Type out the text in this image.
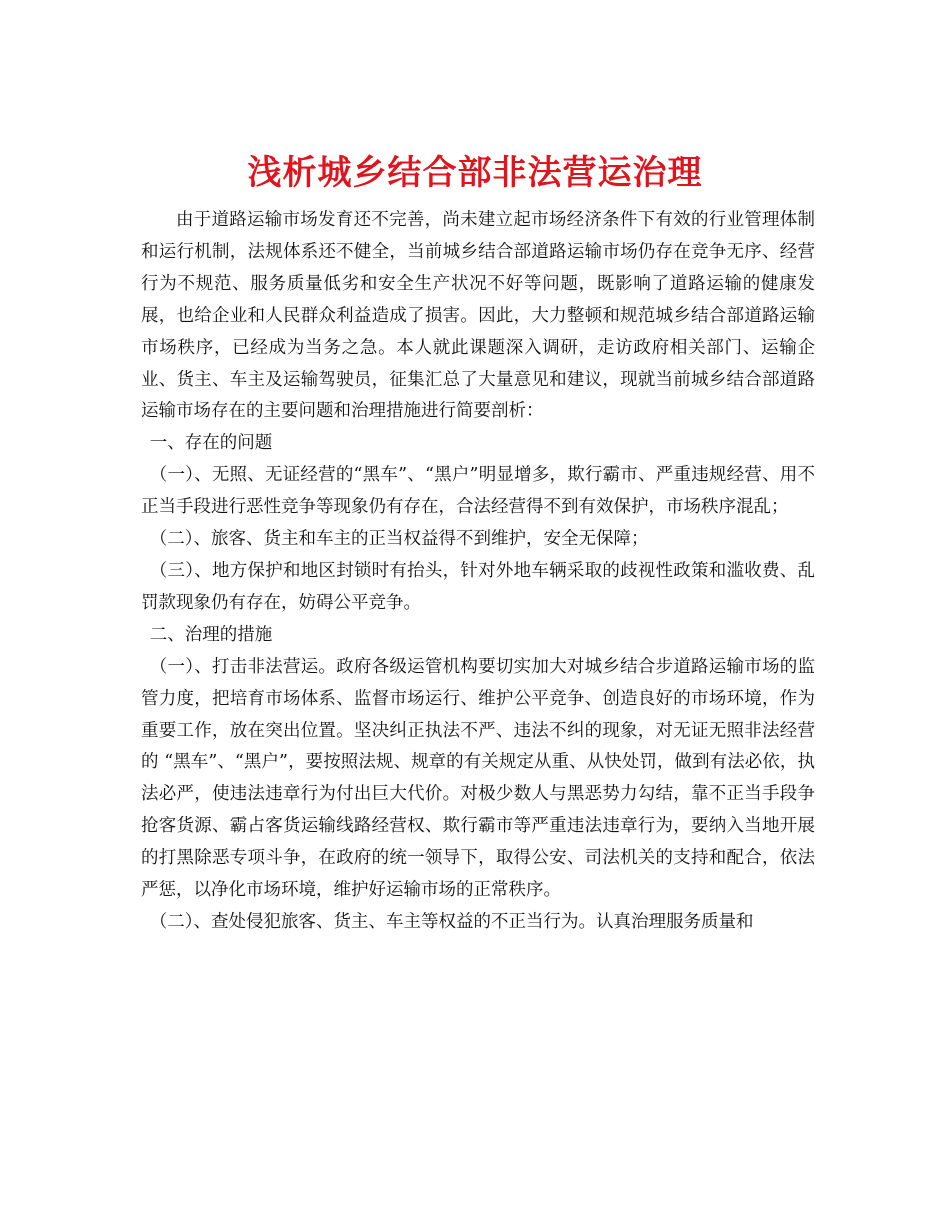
浅析城乡结合部非法营运治理

由于道路运输市场发育还不完善，尚未建立起市场经济条件下有效的行业管理体制和运行机制，法规体系还不健全，当前城乡结合部道路运输市场仍存在竞争无序、经营行为不规范、服务质量低劣和安全生产状况不好等问题，既影响了道路运输的健康发展，也给企业和人民群众利益造成了损害。因此，大力整顿和规范城乡结合部道路运输市场秩序，已经成为当务之急。本人就此课题深入调研，走访政府相关部门、运输企业、货主、车主及运输驾驶员，征集汇总了大量意见和建议，现就当前城乡结合部道路运输市场存在的主要问题和治理措施进行简要剖析：

一、存在的问题

（一）、无照、无证经营的“黑车”、“黑户”明显增多，欺行霸市、严重违规经营、用不正当手段进行恶性竞争等现象仍有存在，合法经营得不到有效保护，市场秩序混乱；

（二）、旅客、货主和车主的正当权益得不到维护，安全无保障；

（三）、地方保护和地区封锁时有抬头，针对外地车辆采取的歧视性政策和滥收费、乱罚款现象仍有存在，妨碍公平竞争。

二、治理的措施

（一）、打击非法营运。政府各级运管机构要切实加大对城乡结合步道路运输市场的监管力度，把培育市场体系、监督市场运行、维护公平竞争、创造良好的市场环境，作为重要工作，放在突出位置。坚决纠正执法不严、违法不纠的现象，对无证无照非法经营的 “黑车”、“黑户”，要按照法规、规章的有关规定从重、从快处罚，做到有法必依，执法必严，使违法违章行为付出巨大代价。对极少数人与黑恶势力勾结，靠不正当手段争抢客货源、霸占客货运输线路经营权、欺行霸市等严重违法违章行为，要纳入当地开展的打黑除恶专项斗争，在政府的统一领导下，取得公安、司法机关的支持和配合，依法严惩，以净化市场环境，维护好运输市场的正常秩序。

（二）、查处侵犯旅客、货主、车主等权益的不正当行为。认真治理服务质量和
